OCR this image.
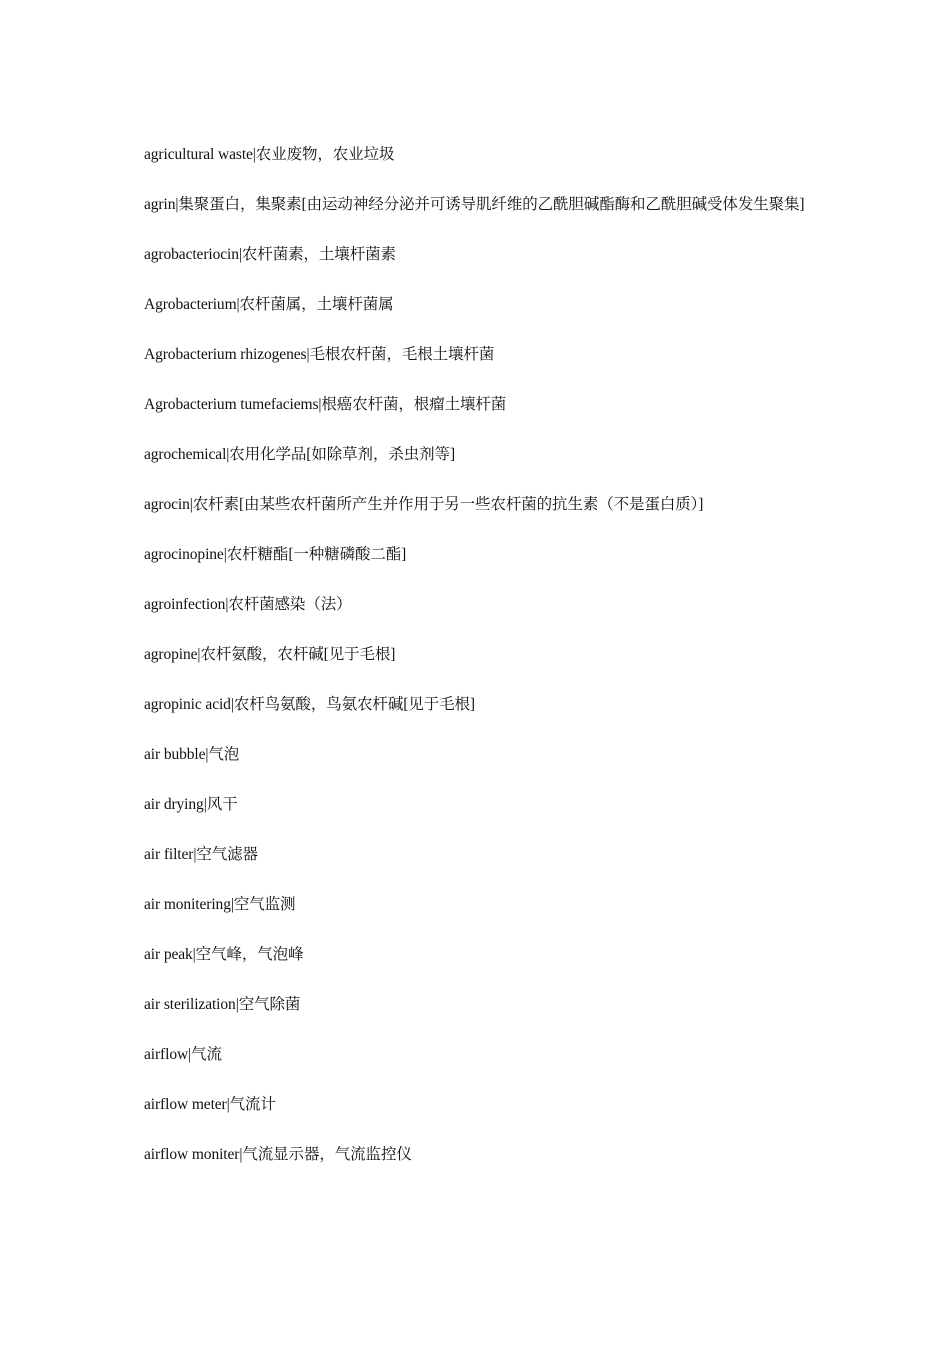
agricultural waste|农业废物，农业垃圾
agrin|集聚蛋白，集聚素[由运动神经分泌并可诱导肌纤维的乙酰胆碱酯酶和乙酰胆碱受体发生聚集]
agrobacteriocin|农杆菌素，土壤杆菌素
Agrobacterium|农杆菌属，土壤杆菌属
Agrobacterium rhizogenes|毛根农杆菌，毛根土壤杆菌
Agrobacterium tumefaciems|根癌农杆菌，根瘤土壤杆菌
agrochemical|农用化学品[如除草剂，杀虫剂等]
agrocin|农杆素[由某些农杆菌所产生并作用于另一些农杆菌的抗生素（不是蛋白质）]
agrocinopine|农杆糖酯[一种糖磷酸二酯]
agroinfection|农杆菌感染（法）
agropine|农杆氨酸，农杆碱[见于毛根]
agropinic acid|农杆鸟氨酸，鸟氨农杆碱[见于毛根]
air bubble|气泡
air drying|风干
air filter|空气滤器
air monitering|空气监测
air peak|空气峰，气泡峰
air sterilization|空气除菌
airflow|气流
airflow meter|气流计
airflow moniter|气流显示器，气流监控仪
